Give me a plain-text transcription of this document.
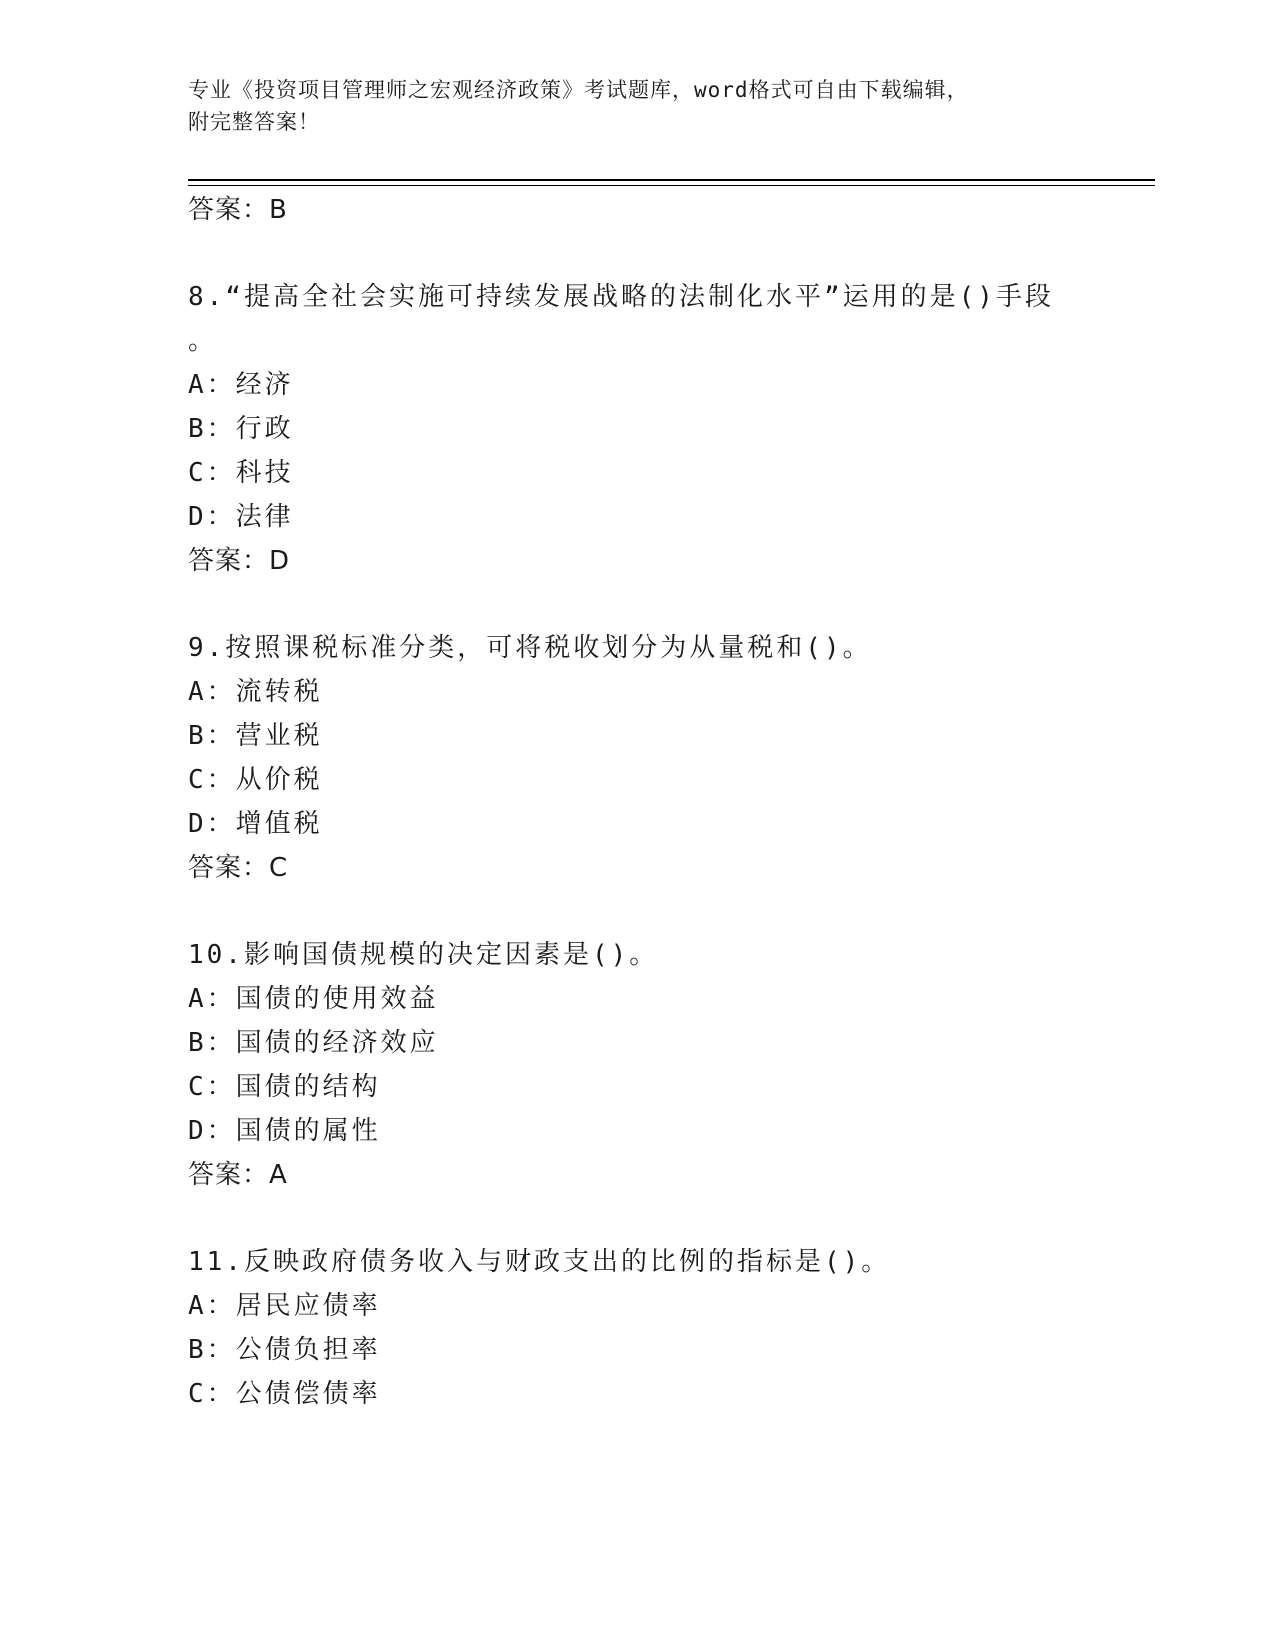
专业《投资项目管理师之宏观经济政策》考试题库，word格式可自由下载编辑，
附完整答案！
答案：B
8.“提高全社会实施可持续发展战略的法制化水平”运用的是()手段
。
A：经济
B：行政
C：科技
D：法律
答案：D
9.按照课税标准分类，可将税收划分为从量税和()。
A：流转税
B：营业税
C：从价税
D：增值税
答案：C
10.影响国债规模的决定因素是()。
A：国债的使用效益
B：国债的经济效应
C：国债的结构
D：国债的属性
答案：A
11.反映政府债务收入与财政支出的比例的指标是()。
A：居民应债率
B：公债负担率
C：公债偿债率
